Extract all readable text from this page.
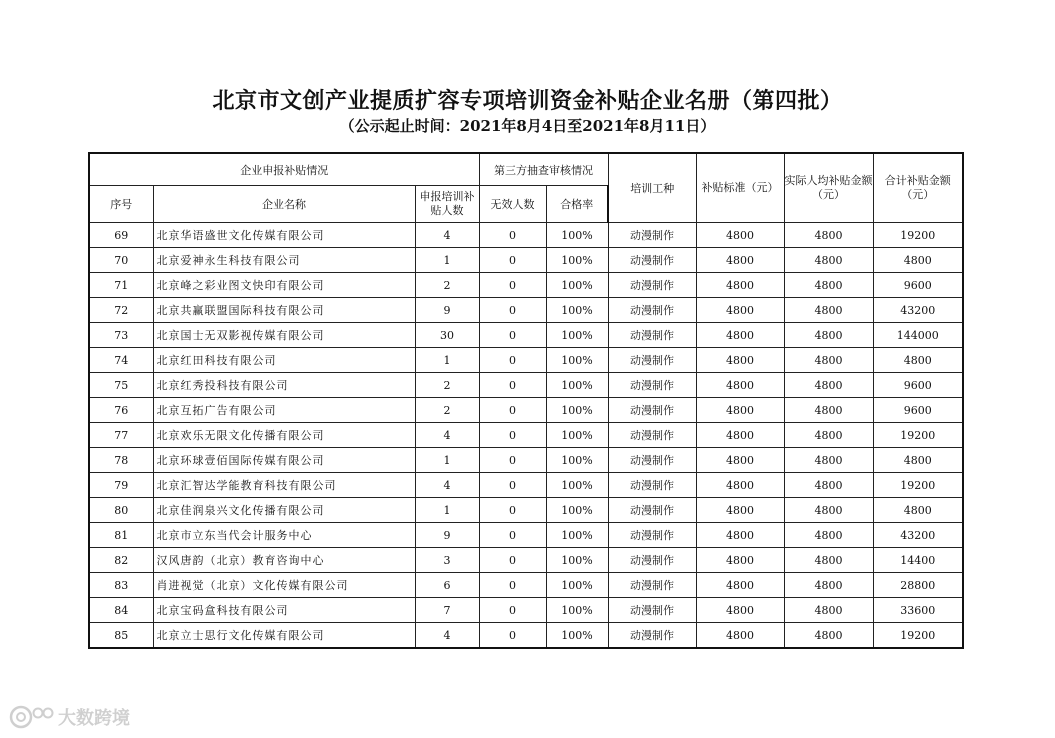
北京市文创产业提质扩容专项培训资金补贴企业名册（第四批）
（公示起止时间：2021年8月4日至2021年8月11日）
企业申报补贴情况			第三方抽查审核情况		培训工种	补贴标准（元）	实际人均补贴金额（元）	合计补贴金额（元）
序号	企业名称	申报培训补贴人数	无效人数	合格率				
69	北京华语盛世文化传媒有限公司	4	0	100%	动漫制作	4800	4800	19200
70	北京爱神永生科技有限公司	1	0	100%	动漫制作	4800	4800	4800
71	北京峰之彩业图文快印有限公司	2	0	100%	动漫制作	4800	4800	9600
72	北京共赢联盟国际科技有限公司	9	0	100%	动漫制作	4800	4800	43200
73	北京国士无双影视传媒有限公司	30	0	100%	动漫制作	4800	4800	144000
74	北京红田科技有限公司	1	0	100%	动漫制作	4800	4800	4800
75	北京红秀投科技有限公司	2	0	100%	动漫制作	4800	4800	9600
76	北京互拓广告有限公司	2	0	100%	动漫制作	4800	4800	9600
77	北京欢乐无限文化传播有限公司	4	0	100%	动漫制作	4800	4800	19200
78	北京环球壹佰国际传媒有限公司	1	0	100%	动漫制作	4800	4800	4800
79	北京汇智达学能教育科技有限公司	4	0	100%	动漫制作	4800	4800	19200
80	北京佳润泉兴文化传播有限公司	1	0	100%	动漫制作	4800	4800	4800
81	北京市立东当代会计服务中心	9	0	100%	动漫制作	4800	4800	43200
82	汉风唐韵（北京）教育咨询中心	3	0	100%	动漫制作	4800	4800	14400
83	肖进视觉（北京）文化传媒有限公司	6	0	100%	动漫制作	4800	4800	28800
84	北京宝码盒科技有限公司	7	0	100%	动漫制作	4800	4800	33600
85	北京立士思行文化传媒有限公司	4	0	100%	动漫制作	4800	4800	19200
大数跨境
